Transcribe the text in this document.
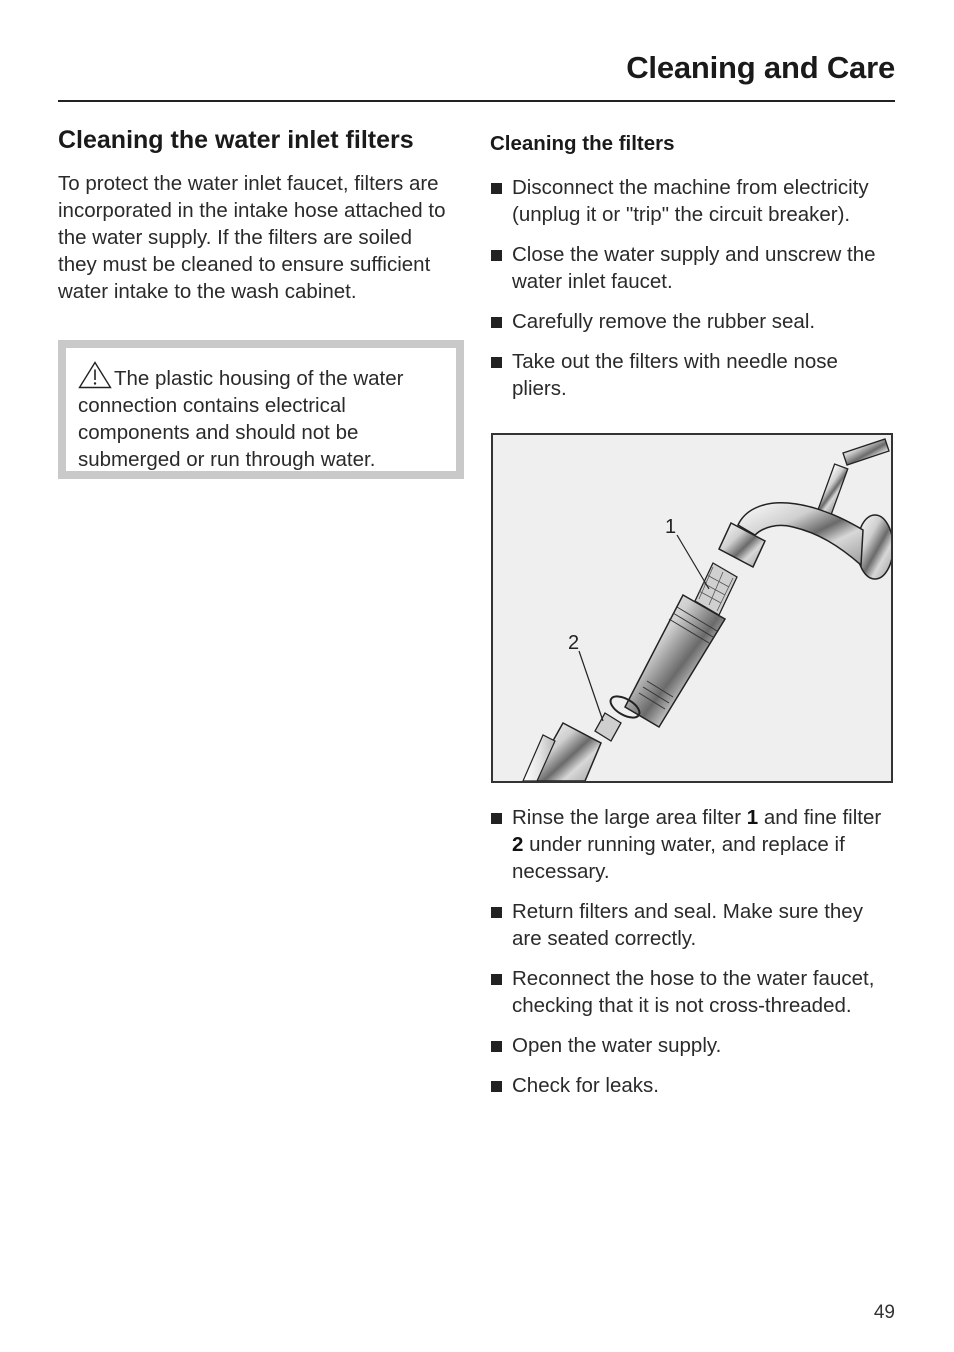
Cleaning and Care
Cleaning the water inlet filters

To protect the water inlet faucet, filters are incorporated in the intake hose attached to the water supply. If the filters are soiled they must be cleaned to ensure sufficient water intake to the wash cabinet.

The plastic housing of the water connection contains electrical components and should not be submerged or run through water.

Cleaning the filters
Disconnect the machine from electricity (unplug it or "trip" the circuit breaker).
Close the water supply and unscrew the water inlet faucet.
Carefully remove the rubber seal.
Take out the filters with needle nose pliers.
1
2
Rinse the large area filter 1 and fine filter 2 under running water, and replace if necessary.
Return filters and seal. Make sure they are seated correctly.
Reconnect the hose to the water faucet, checking that it is not cross-threaded.
Open the water supply.
Check for leaks.
49
